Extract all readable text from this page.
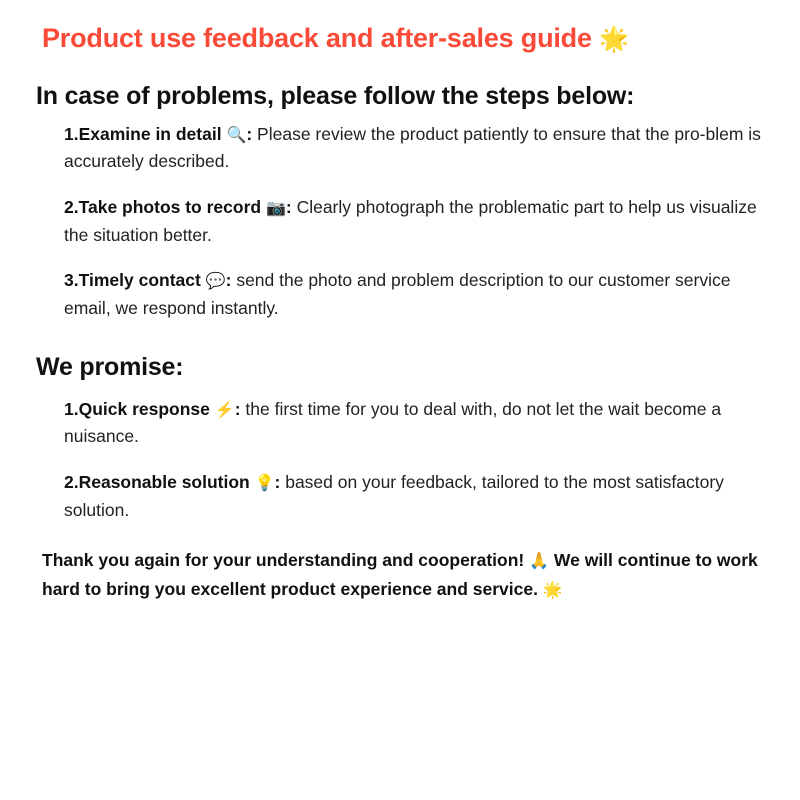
Product use feedback and after-sales guide 🌟
In case of problems, please follow the steps below:

1.Examine in detail 🔍: Please review the product patiently to ensure that the pro-blem is accurately described.

2.Take photos to record 📷: Clearly photograph the problematic part to help us visualize the situation better.

3.Timely contact 💬: send the photo and problem description to our customer service email, we respond instantly.

We promise:

1.Quick response ⚡: the first time for you to deal with, do not let the wait become a nuisance.

2.Reasonable solution 💡: based on your feedback, tailored to the most satisfactory solution.

Thank you again for your understanding and cooperation! 🙏 We will continue to work hard to bring you excellent product experience and service. 🌟
